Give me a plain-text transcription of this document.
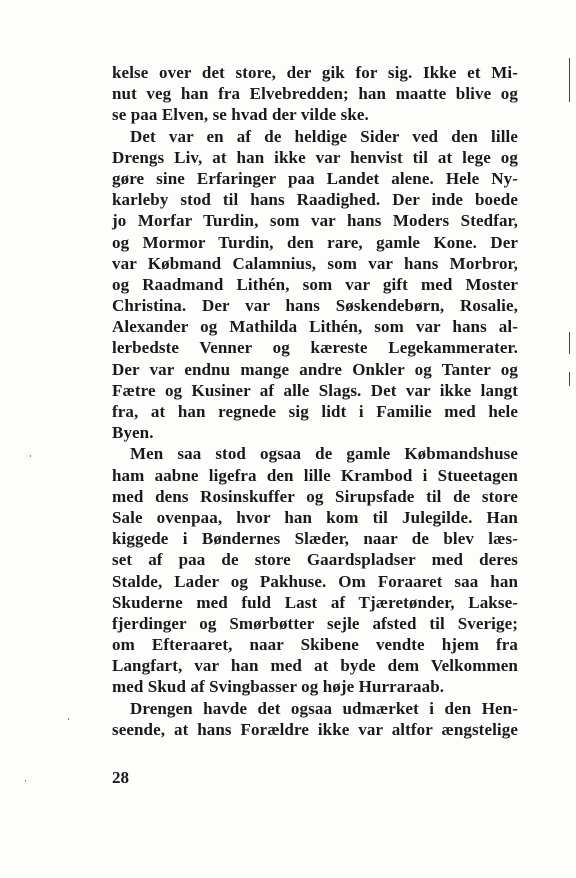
kelse over det store, der gik for sig. Ikke et Mi-
nut veg han fra Elvebredden; han maatte blive og
se paa Elven, se hvad der vilde ske.
Det var en af de heldige Sider ved den lille
Drengs Liv, at han ikke var henvist til at lege og
gøre sine Erfaringer paa Landet alene. Hele Ny-
karleby stod til hans Raadighed. Der inde boede
jo Morfar Turdin, som var hans Moders Stedfar,
og Mormor Turdin, den rare, gamle Kone. Der
var Købmand Calamnius, som var hans Morbror,
og Raadmand Lithén, som var gift med Moster
Christina. Der var hans Søskendebørn, Rosalie,
Alexander og Mathilda Lithén, som var hans al-
lerbedste Venner og kæreste Legekammerater.
Der var endnu mange andre Onkler og Tanter og
Fætre og Kusiner af alle Slags. Det var ikke langt
fra, at han regnede sig lidt i Familie med hele
Byen.
Men saa stod ogsaa de gamle Købmandshuse
ham aabne ligefra den lille Krambod i Stueetagen
med dens Rosinskuffer og Sirupsfade til de store
Sale ovenpaa, hvor han kom til Julegilde. Han
kiggede i Bøndernes Slæder, naar de blev læs-
set af paa de store Gaardspladser med deres
Stalde, Lader og Pakhuse. Om Foraaret saa han
Skuderne med fuld Last af Tjæretønder, Lakse-
fjerdinger og Smørbøtter sejle afsted til Sverige;
om Efteraaret, naar Skibene vendte hjem fra
Langfart, var han med at byde dem Velkommen
med Skud af Svingbasser og høje Hurraraab.
Drengen havde det ogsaa udmærket i den Hen-
seende, at hans Forældre ikke var altfor ængstelige
28
